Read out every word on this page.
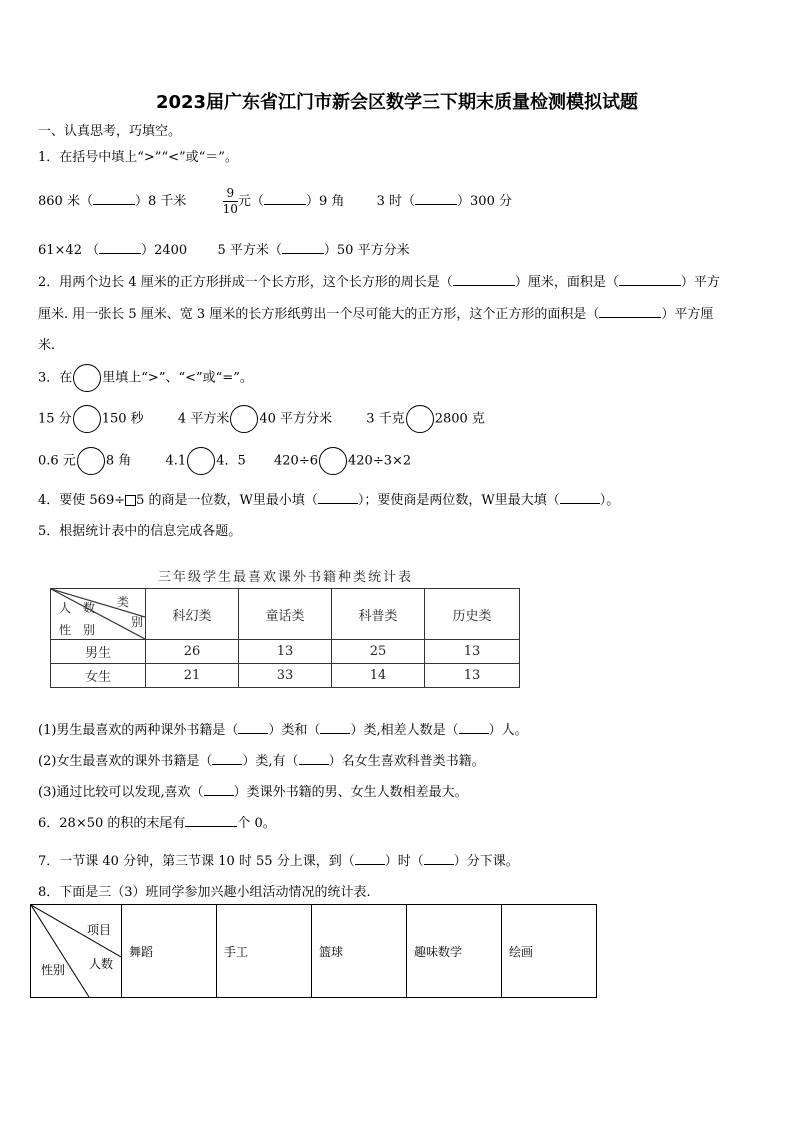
2023届广东省江门市新会区数学三下期末质量检测模拟试题
一、认真思考，巧填空。
1．在括号中填上“>”“<”或“＝”。
860 米（	）8 千米	$\frac{9}{10}$ 元（	）9 角 3 时（	）300 分
61×42 （	）2400 5 平方米（	）50 平方分米
2．用两个边长 4 厘米的正方形拼成一个长方形，这个长方形的周长是（	）厘米，面积是（	）平方
厘米. 用一张长 5 厘米、宽 3 厘米的长方形纸剪出一个尽可能大的正方形，这个正方形的面积是（	）平方厘
米.
3．在 里填上“>”、“<”或“=”。
15 分 150 秒	4 平方米 40 平方分米	3 千克 2800 克
0.6 元 8 角	4.1 4．5 420÷6 420÷3×2
4．要使 569÷ 5 的商是一位数，W里最小填（	）；要使商是两位数，W里最大填（	）。
5．根据统计表中的信息完成各题。
三年级学生最喜欢课外书籍种类统计表
类
别
人　数
性　别	科幻类	童话类	科普类	历史类
男生	26	13	25	13
女生	21	33	14	13
(1)男生最喜欢的两种课外书籍是（ ）类和（ ）类,相差人数是（ ）人。
(2)女生最喜欢的课外书籍是（ ）类,有（ ）名女生喜欢科普类书籍。
(3)通过比较可以发现,喜欢（ ）类课外书籍的男、女生人数相差最大。
6．28×50 的积的末尾有	个 0。
7．一节课 40 分钟，第三节课 10 时 55 分上课，到（ ）时（ ）分下课。
8．下面是三（3）班同学参加兴趣小组活动情况的统计表.
项目
人数
性别
	舞蹈	手工	篮球	趣味数学	绘画
